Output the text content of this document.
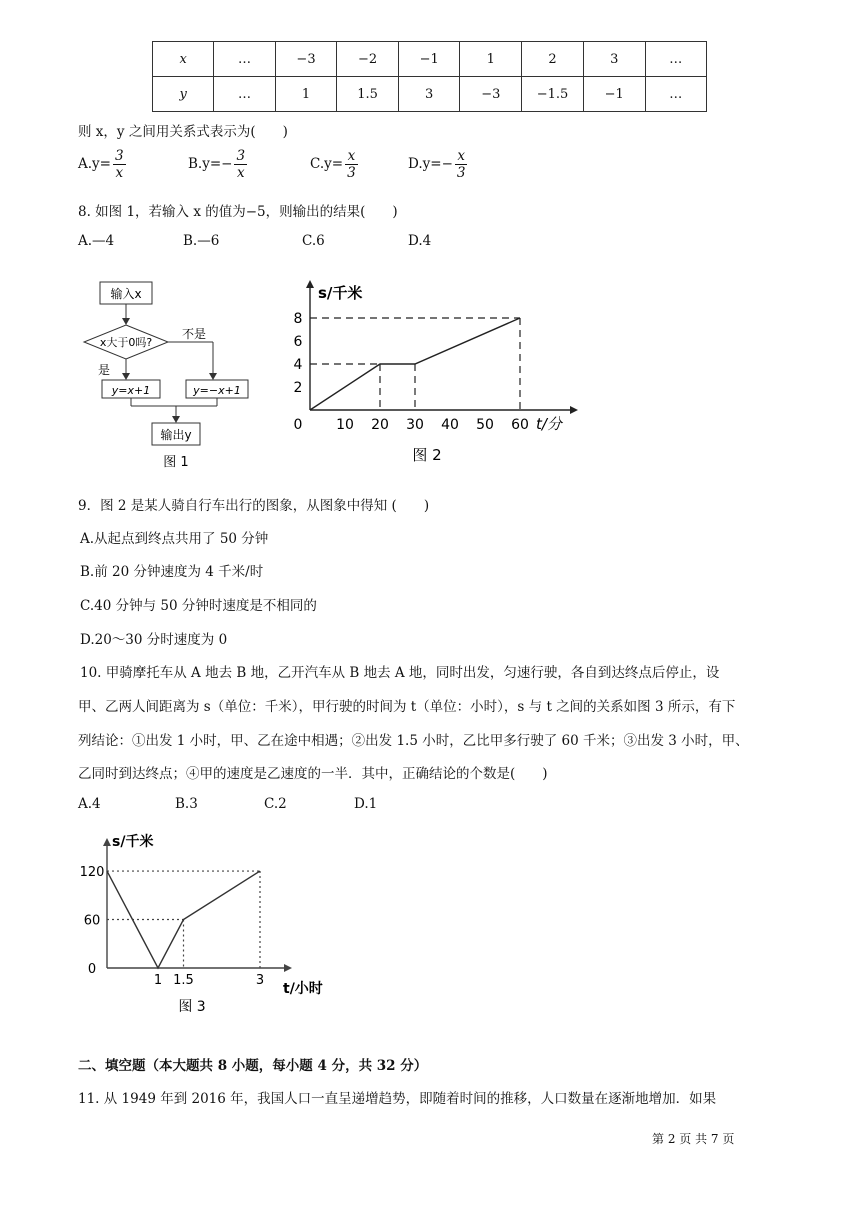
x	…	−3	−2	−1	1	2	3	…
y	…	1	1.5	3	−3	−1.5	−1	…
则 x，y 之间用关系式表示为(　　)
$A.y= \frac{3}{x}$	$B.y=- \frac{3}{x}$	$C.y= \frac{x}{3}$	$D.y=- \frac{x}{3}$
8. 如图 1，若输入 x 的值为−5，则输出的结果(　　)
A.—4	B.—6	C.6	D.4
输入x
x大于0吗?
不是
是
y=x+1	y=−x+1
输出y
图 1
s/千米
t/分
0 10 20 30 40 50 60
2
4
6
8
图 2
9．图 2 是某人骑自行车出行的图象，从图象中得知 (　　)
A.从起点到终点共用了 50 分钟
B.前 20 分钟速度为 4 千米/时
C.40 分钟与 50 分钟时速度是不相同的
D.20～30 分时速度为 0
10. 甲骑摩托车从 A 地去 B 地，乙开汽车从 B 地去 A 地，同时出发，匀速行驶，各自到达终点后停止，设
甲、乙两人间距离为 s（单位：千米），甲行驶的时间为 t（单位：小时），s 与 t 之间的关系如图 3 所示，有下
列结论：①出发 1 小时，甲、乙在途中相遇；②出发 1.5 小时，乙比甲多行驶了 60 千米；③出发 3 小时，甲、
乙同时到达终点；④甲的速度是乙速度的一半．其中，正确结论的个数是(　　)
A.4	B.3	C.2	D.1
s/千米
t/小时
1 1.5	3
0
60
120
图 3
二、填空题（本大题共 8 小题，每小题 4 分，共 32 分）
11. 从 1949 年到 2016 年，我国人口一直呈递增趋势，即随着时间的推移，人口数量在逐渐地增加．如果
第 2 页 共 7 页
